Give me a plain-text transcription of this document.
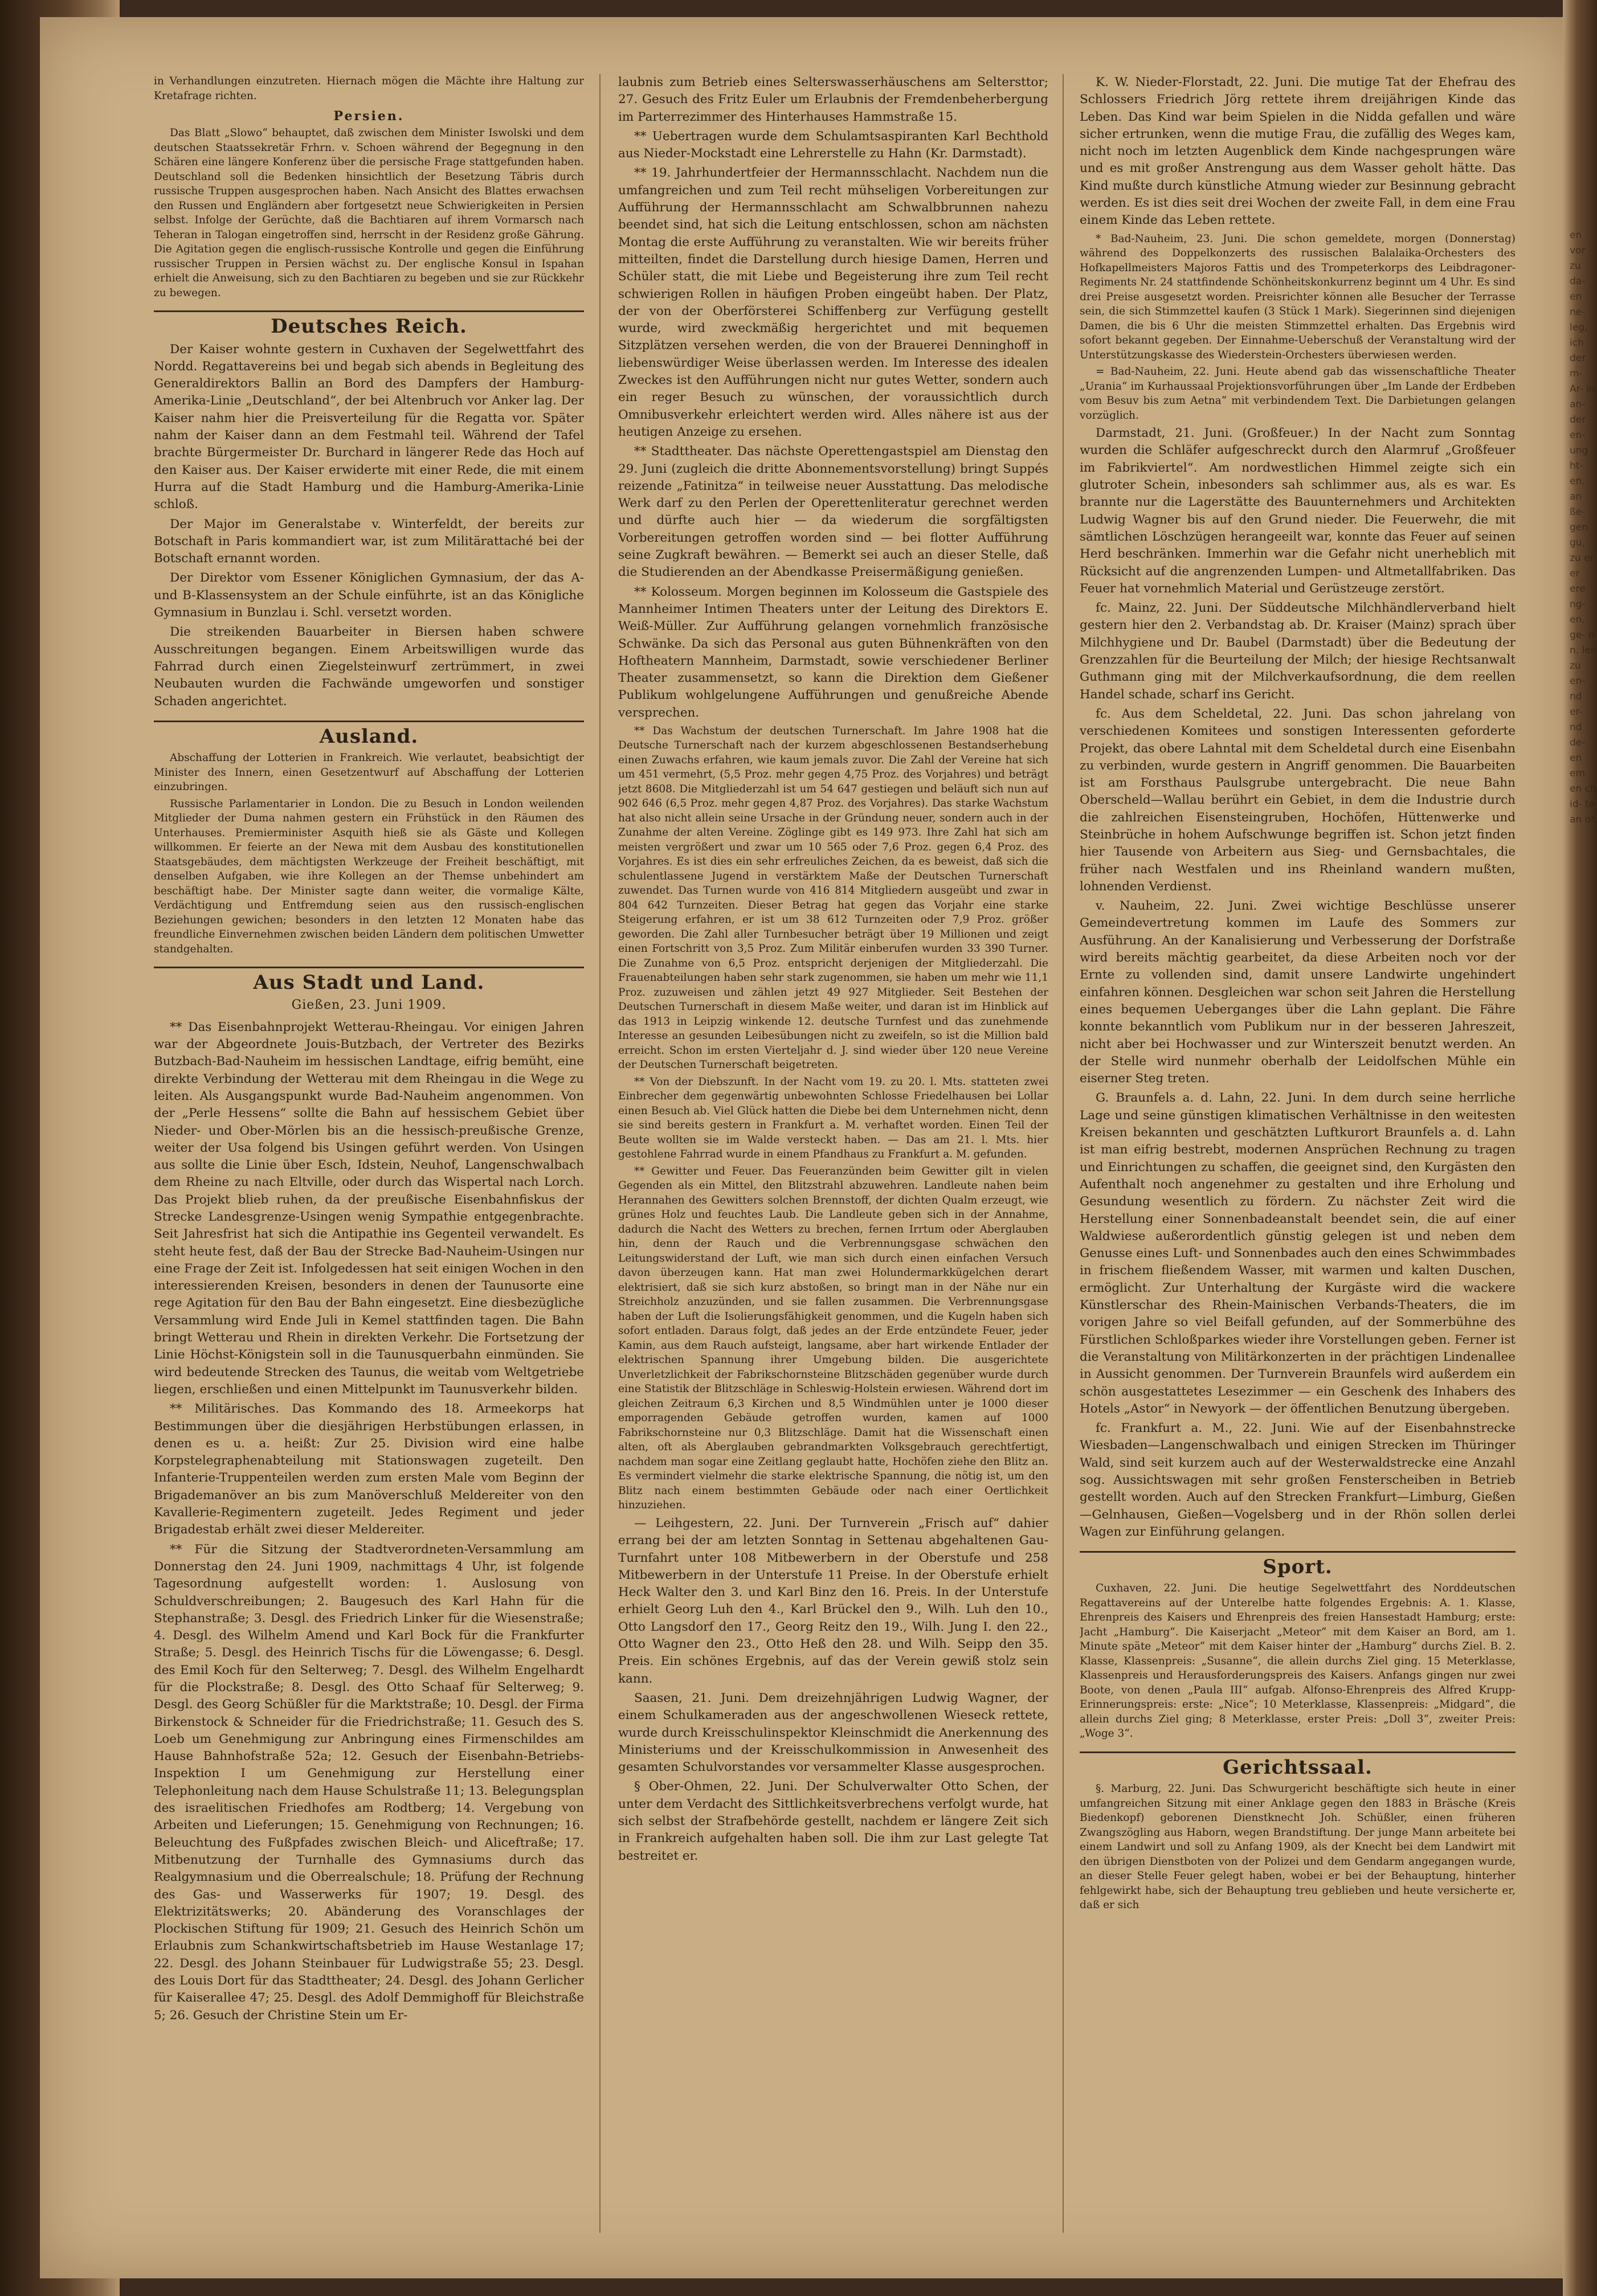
en vor zu da- en ne- leg, ich der m- Ar- in an- der en- ung ht- en. an ße- gen gu, zu er er ere ng- en, ge- n n. len zu en- nd er- nd de- en em en ch id- te an or.

in Verhandlungen einzutreten. Hiernach mögen die Mächte ihre Haltung zur Kretafrage richten.

Persien.

Das Blatt „Slowo“ behauptet, daß zwischen dem Minister Iswolski und dem deutschen Staatssekretär Frhrn. v. Schoen während der Begegnung in den Schären eine längere Konferenz über die persische Frage stattgefunden haben. Deutschland soll die Bedenken hinsichtlich der Besetzung Täbris durch russische Truppen ausgesprochen haben. Nach Ansicht des Blattes erwachsen den Russen und Engländern aber fortgesetzt neue Schwierigkeiten in Persien selbst. Infolge der Gerüchte, daß die Bachtiaren auf ihrem Vormarsch nach Teheran in Talogan eingetroffen sind, herrscht in der Residenz große Gährung. Die Agitation gegen die englisch-russische Kontrolle und gegen die Einführung russischer Truppen in Persien wächst zu. Der englische Konsul in Ispahan erhielt die Anweisung, sich zu den Bachtiaren zu begeben und sie zur Rückkehr zu bewegen.

Deutsches Reich.

Der Kaiser wohnte gestern in Cuxhaven der Segelwettfahrt des Nordd. Regattavereins bei und begab sich abends in Begleitung des Generaldirektors Ballin an Bord des Dampfers der Hamburg-Amerika-Linie „Deutschland“, der bei Altenbruch vor Anker lag. Der Kaiser nahm hier die Preisverteilung für die Regatta vor. Später nahm der Kaiser dann an dem Festmahl teil. Während der Tafel brachte Bürgermeister Dr. Burchard in längerer Rede das Hoch auf den Kaiser aus. Der Kaiser erwiderte mit einer Rede, die mit einem Hurra auf die Stadt Hamburg und die Hamburg-Amerika-Linie schloß.

Der Major im Generalstabe v. Winterfeldt, der bereits zur Botschaft in Paris kommandiert war, ist zum Militärattaché bei der Botschaft ernannt worden.

Der Direktor vom Essener Königlichen Gymnasium, der das A- und B-Klassensystem an der Schule einführte, ist an das Königliche Gymnasium in Bunzlau i. Schl. versetzt worden.

Die streikenden Bauarbeiter in Biersen haben schwere Ausschreitungen begangen. Einem Arbeitswilligen wurde das Fahrrad durch einen Ziegelsteinwurf zertrümmert, in zwei Neubauten wurden die Fachwände umgeworfen und sonstiger Schaden angerichtet.

Ausland.

Abschaffung der Lotterien in Frankreich. Wie verlautet, beabsichtigt der Minister des Innern, einen Gesetzentwurf auf Abschaffung der Lotterien einzubringen.

Russische Parlamentarier in London. Die zu Besuch in London weilenden Mitglieder der Duma nahmen gestern ein Frühstück in den Räumen des Unterhauses. Premierminister Asquith hieß sie als Gäste und Kollegen willkommen. Er feierte an der Newa mit dem Ausbau des konstitutionellen Staatsgebäudes, dem mächtigsten Werkzeuge der Freiheit beschäftigt, mit denselben Aufgaben, wie ihre Kollegen an der Themse unbehindert am beschäftigt habe. Der Minister sagte dann weiter, die vormalige Kälte, Verdächtigung und Entfremdung seien aus den russisch-englischen Beziehungen gewichen; besonders in den letzten 12 Monaten habe das freundliche Einvernehmen zwischen beiden Ländern dem politischen Umwetter standgehalten.

Aus Stadt und Land.
Gießen, 23. Juni 1909.

** Das Eisenbahnprojekt Wetterau-Rheingau. Vor einigen Jahren war der Abgeordnete Jouis-Butzbach, der Vertreter des Bezirks Butzbach-Bad-Nauheim im hessischen Landtage, eifrig bemüht, eine direkte Verbindung der Wetterau mit dem Rheingau in die Wege zu leiten. Als Ausgangspunkt wurde Bad-Nauheim angenommen. Von der „Perle Hessens“ sollte die Bahn auf hessischem Gebiet über Nieder- und Ober-Mörlen bis an die hessisch-preußische Grenze, weiter der Usa folgend bis Usingen geführt werden. Von Usingen aus sollte die Linie über Esch, Idstein, Neuhof, Langenschwalbach dem Rheine zu nach Eltville, oder durch das Wispertal nach Lorch. Das Projekt blieb ruhen, da der preußische Eisenbahnfiskus der Strecke Landesgrenze-Usingen wenig Sympathie entgegenbrachte. Seit Jahresfrist hat sich die Antipathie ins Gegenteil verwandelt. Es steht heute fest, daß der Bau der Strecke Bad-Nauheim-Usingen nur eine Frage der Zeit ist. Infolgedessen hat seit einigen Wochen in den interessierenden Kreisen, besonders in denen der Taunusorte eine rege Agitation für den Bau der Bahn eingesetzt. Eine diesbezügliche Versammlung wird Ende Juli in Kemel stattfinden tagen. Die Bahn bringt Wetterau und Rhein in direkten Verkehr. Die Fortsetzung der Linie Höchst-Königstein soll in die Taunusquerbahn einmünden. Sie wird bedeutende Strecken des Taunus, die weitab vom Weltgetriebe liegen, erschließen und einen Mittelpunkt im Taunusverkehr bilden.

** Militärisches. Das Kommando des 18. Armeekorps hat Bestimmungen über die diesjährigen Herbstübungen erlassen, in denen es u. a. heißt: Zur 25. Division wird eine halbe Korpstelegraphenabteilung mit Stationswagen zugeteilt. Den Infanterie-Truppenteilen werden zum ersten Male vom Beginn der Brigademanöver an bis zum Manöverschluß Meldereiter von den Kavallerie-Regimentern zugeteilt. Jedes Regiment und jeder Brigadestab erhält zwei dieser Meldereiter.

** Für die Sitzung der Stadtverordneten-Versammlung am Donnerstag den 24. Juni 1909, nachmittags 4 Uhr, ist folgende Tagesordnung aufgestellt worden: 1. Auslosung von Schuldverschreibungen; 2. Baugesuch des Karl Hahn für die Stephanstraße; 3. Desgl. des Friedrich Linker für die Wiesenstraße; 4. Desgl. des Wilhelm Amend und Karl Bock für die Frankfurter Straße; 5. Desgl. des Heinrich Tischs für die Löwengasse; 6. Desgl. des Emil Koch für den Selterweg; 7. Desgl. des Wilhelm Engelhardt für die Plockstraße; 8. Desgl. des Otto Schaaf für Selterweg; 9. Desgl. des Georg Schüßler für die Marktstraße; 10. Desgl. der Firma Birkenstock & Schneider für die Friedrichstraße; 11. Gesuch des S. Loeb um Genehmigung zur Anbringung eines Firmenschildes am Hause Bahnhofstraße 52a; 12. Gesuch der Eisenbahn-Betriebs-Inspektion I um Genehmigung zur Herstellung einer Telephonleitung nach dem Hause Schulstraße 11; 13. Belegungsplan des israelitischen Friedhofes am Rodtberg; 14. Vergebung von Arbeiten und Lieferungen; 15. Genehmigung von Rechnungen; 16. Beleuchtung des Fußpfades zwischen Bleich- und Aliceftraße; 17. Mitbenutzung der Turnhalle des Gymnasiums durch das Realgymnasium und die Oberrealschule; 18. Prüfung der Rechnung des Gas- und Wasserwerks für 1907; 19. Desgl. des Elektrizitätswerks; 20. Abänderung des Voranschlages der Plockischen Stiftung für 1909; 21. Gesuch des Heinrich Schön um Erlaubnis zum Schankwirtschaftsbetrieb im Hause Westanlage 17; 22. Desgl. des Johann Steinbauer für Ludwigstraße 55; 23. Desgl. des Louis Dort für das Stadttheater; 24. Desgl. des Johann Gerlicher für Kaiserallee 47; 25. Desgl. des Adolf Demmighoff für Bleichstraße 5; 26. Gesuch der Christine Stein um Er-

laubnis zum Betrieb eines Selterswasserhäuschens am Seltersttor; 27. Gesuch des Fritz Euler um Erlaubnis der Fremdenbeherbergung im Parterrezimmer des Hinterhauses Hammstraße 15.

** Uebertragen wurde dem Schulamtsaspiranten Karl Bechthold aus Nieder-Mockstadt eine Lehrerstelle zu Hahn (Kr. Darmstadt).

** 19. Jahrhundertfeier der Hermannsschlacht. Nachdem nun die umfangreichen und zum Teil recht mühseligen Vorbereitungen zur Aufführung der Hermannsschlacht am Schwalbbrunnen nahezu beendet sind, hat sich die Leitung entschlossen, schon am nächsten Montag die erste Aufführung zu veranstalten. Wie wir bereits früher mitteilten, findet die Darstellung durch hiesige Damen, Herren und Schüler statt, die mit Liebe und Begeisterung ihre zum Teil recht schwierigen Rollen in häufigen Proben eingeübt haben. Der Platz, der von der Oberförsterei Schiffenberg zur Verfügung gestellt wurde, wird zweckmäßig hergerichtet und mit bequemen Sitzplätzen versehen werden, die von der Brauerei Denninghoff in liebenswürdiger Weise überlassen werden. Im Interesse des idealen Zweckes ist den Aufführungen nicht nur gutes Wetter, sondern auch ein reger Besuch zu wünschen, der voraussichtlich durch Omnibusverkehr erleichtert werden wird. Alles nähere ist aus der heutigen Anzeige zu ersehen.

** Stadttheater. Das nächste Operettengastspiel am Dienstag den 29. Juni (zugleich die dritte Abonnementsvorstellung) bringt Suppés reizende „Fatinitza“ in teilweise neuer Ausstattung. Das melodische Werk darf zu den Perlen der Operettenliteratur gerechnet werden und dürfte auch hier — da wiederum die sorgfältigsten Vorbereitungen getroffen worden sind — bei flotter Aufführung seine Zugkraft bewähren. — Bemerkt sei auch an dieser Stelle, daß die Studierenden an der Abendkasse Preisermäßigung genießen.

** Kolosseum. Morgen beginnen im Kolosseum die Gastspiele des Mannheimer Intimen Theaters unter der Leitung des Direktors E. Weiß-Müller. Zur Aufführung gelangen vornehmlich französische Schwänke. Da sich das Personal aus guten Bühnenkräften von den Hoftheatern Mannheim, Darmstadt, sowie verschiedener Berliner Theater zusammensetzt, so kann die Direktion dem Gießener Publikum wohlgelungene Aufführungen und genußreiche Abende versprechen.

** Das Wachstum der deutschen Turnerschaft. Im Jahre 1908 hat die Deutsche Turnerschaft nach der kurzem abgeschlossenen Bestandserhebung einen Zuwachs erfahren, wie kaum jemals zuvor. Die Zahl der Vereine hat sich um 451 vermehrt, (5,5 Proz. mehr gegen 4,75 Proz. des Vorjahres) und beträgt jetzt 8608. Die Mitgliederzahl ist um 54 647 gestiegen und beläuft sich nun auf 902 646 (6,5 Proz. mehr gegen 4,87 Proz. des Vorjahres). Das starke Wachstum hat also nicht allein seine Ursache in der Gründung neuer, sondern auch in der Zunahme der alten Vereine. Zöglinge gibt es 149 973. Ihre Zahl hat sich am meisten vergrößert und zwar um 10 565 oder 7,6 Proz. gegen 6,4 Proz. des Vorjahres. Es ist dies ein sehr erfreuliches Zeichen, da es beweist, daß sich die schulentlassene Jugend in verstärktem Maße der Deutschen Turnerschaft zuwendet. Das Turnen wurde von 416 814 Mitgliedern ausgeübt und zwar in 804 642 Turnzeiten. Dieser Betrag hat gegen das Vorjahr eine starke Steigerung erfahren, er ist um 38 612 Turnzeiten oder 7,9 Proz. größer geworden. Die Zahl aller Turnbesucher beträgt über 19 Millionen und zeigt einen Fortschritt von 3,5 Proz. Zum Militär einberufen wurden 33 390 Turner. Die Zunahme von 6,5 Proz. entspricht derjenigen der Mitgliederzahl. Die Frauenabteilungen haben sehr stark zugenommen, sie haben um mehr wie 11,1 Proz. zuzuweisen und zählen jetzt 49 927 Mitglieder. Seit Bestehen der Deutschen Turnerschaft in diesem Maße weiter, und daran ist im Hinblick auf das 1913 in Leipzig winkende 12. deutsche Turnfest und das zunehmende Interesse an gesunden Leibesübungen nicht zu zweifeln, so ist die Million bald erreicht. Schon im ersten Vierteljahr d. J. sind wieder über 120 neue Vereine der Deutschen Turnerschaft beigetreten.

** Von der Diebszunft. In der Nacht vom 19. zu 20. l. Mts. statteten zwei Einbrecher dem gegenwärtig unbewohnten Schlosse Friedelhausen bei Lollar einen Besuch ab. Viel Glück hatten die Diebe bei dem Unternehmen nicht, denn sie sind bereits gestern in Frankfurt a. M. verhaftet worden. Einen Teil der Beute wollten sie im Walde versteckt haben. — Das am 21. l. Mts. hier gestohlene Fahrrad wurde in einem Pfandhaus zu Frankfurt a. M. gefunden.

** Gewitter und Feuer. Das Feueranzünden beim Gewitter gilt in vielen Gegenden als ein Mittel, den Blitzstrahl abzuwehren. Landleute nahen beim Herannahen des Gewitters solchen Brennstoff, der dichten Qualm erzeugt, wie grünes Holz und feuchtes Laub. Die Landleute geben sich in der Annahme, dadurch die Nacht des Wetters zu brechen, fernen Irrtum oder Aberglauben hin, denn der Rauch und die Verbrennungsgase schwächen den Leitungswiderstand der Luft, wie man sich durch einen einfachen Versuch davon überzeugen kann. Hat man zwei Holundermarkkügelchen derart elektrisiert, daß sie sich kurz abstoßen, so bringt man in der Nähe nur ein Streichholz anzuzünden, und sie fallen zusammen. Die Verbrennungsgase haben der Luft die Isolierungsfähigkeit genommen, und die Kugeln haben sich sofort entladen. Daraus folgt, daß jedes an der Erde entzündete Feuer, jeder Kamin, aus dem Rauch aufsteigt, langsame, aber hart wirkende Entlader der elektrischen Spannung ihrer Umgebung bilden. Die ausgerichtete Unverletzlichkeit der Fabrikschornsteine Blitzschäden gegenüber wurde durch eine Statistik der Blitzschläge in Schleswig-Holstein erwiesen. Während dort im gleichen Zeitraum 6,3 Kirchen und 8,5 Windmühlen unter je 1000 dieser emporragenden Gebäude getroffen wurden, kamen auf 1000 Fabrikschornsteine nur 0,3 Blitzschläge. Damit hat die Wissenschaft einen alten, oft als Aberglauben gebrandmarkten Volksgebrauch gerechtfertigt, nachdem man sogar eine Zeitlang geglaubt hatte, Hochöfen ziehe den Blitz an. Es vermindert vielmehr die starke elektrische Spannung, die nötig ist, um den Blitz nach einem bestimmten Gebäude oder nach einer Oertlichkeit hinzuziehen.

— Leihgestern, 22. Juni. Der Turnverein „Frisch auf“ dahier errang bei der am letzten Sonntag in Settenau abgehaltenen Gau-Turnfahrt unter 108 Mitbewerbern in der Oberstufe und 258 Mitbewerbern in der Unterstufe 11 Preise. In der Oberstufe erhielt Heck Walter den 3. und Karl Binz den 16. Preis. In der Unterstufe erhielt Georg Luh den 4., Karl Brückel den 9., Wilh. Luh den 10., Otto Langsdorf den 17., Georg Reitz den 19., Wilh. Jung I. den 22., Otto Wagner den 23., Otto Heß den 28. und Wilh. Seipp den 35. Preis. Ein schönes Ergebnis, auf das der Verein gewiß stolz sein kann.

Saasen, 21. Juni. Dem dreizehnjährigen Ludwig Wagner, der einem Schulkameraden aus der angeschwollenen Wieseck rettete, wurde durch Kreisschulinspektor Kleinschmidt die Anerkennung des Ministeriums und der Kreisschulkommission in Anwesenheit des gesamten Schulvorstandes vor versammelter Klasse ausgesprochen.

§ Ober-Ohmen, 22. Juni. Der Schulverwalter Otto Schen, der unter dem Verdacht des Sittlichkeitsverbrechens verfolgt wurde, hat sich selbst der Strafbehörde gestellt, nachdem er längere Zeit sich in Frankreich aufgehalten haben soll. Die ihm zur Last gelegte Tat bestreitet er.

K. W. Nieder-Florstadt, 22. Juni. Die mutige Tat der Ehefrau des Schlossers Friedrich Jörg rettete ihrem dreijährigen Kinde das Leben. Das Kind war beim Spielen in die Nidda gefallen und wäre sicher ertrunken, wenn die mutige Frau, die zufällig des Weges kam, nicht noch im letzten Augenblick dem Kinde nachgesprungen wäre und es mit großer Anstrengung aus dem Wasser geholt hätte. Das Kind mußte durch künstliche Atmung wieder zur Besinnung gebracht werden. Es ist dies seit drei Wochen der zweite Fall, in dem eine Frau einem Kinde das Leben rettete.

* Bad-Nauheim, 23. Juni. Die schon gemeldete, morgen (Donnerstag) während des Doppelkonzerts des russischen Balalaika-Orchesters des Hofkapellmeisters Majoros Fattis und des Trompeterkorps des Leibdragoner-Regiments Nr. 24 stattfindende Schönheitskonkurrenz beginnt um 4 Uhr. Es sind drei Preise ausgesetzt worden. Preisrichter können alle Besucher der Terrasse sein, die sich Stimmzettel kaufen (3 Stück 1 Mark). Siegerinnen sind diejenigen Damen, die bis 6 Uhr die meisten Stimmzettel erhalten. Das Ergebnis wird sofort bekannt gegeben. Der Einnahme-Ueberschuß der Veranstaltung wird der Unterstützungskasse des Wiederstein-Orchesters überwiesen werden.

= Bad-Nauheim, 22. Juni. Heute abend gab das wissenschaftliche Theater „Urania“ im Kurhaussaal Projektionsvorführungen über „Im Lande der Erdbeben vom Besuv bis zum Aetna“ mit verbindendem Text. Die Darbietungen gelangen vorzüglich.

Darmstadt, 21. Juni. (Großfeuer.) In der Nacht zum Sonntag wurden die Schläfer aufgeschreckt durch den Alarmruf „Großfeuer im Fabrikviertel“. Am nordwestlichen Himmel zeigte sich ein glutroter Schein, inbesonders sah schlimmer aus, als es war. Es brannte nur die Lagerstätte des Bauunternehmers und Architekten Ludwig Wagner bis auf den Grund nieder. Die Feuerwehr, die mit sämtlichen Löschzügen herangeeilt war, konnte das Feuer auf seinen Herd beschränken. Immerhin war die Gefahr nicht unerheblich mit Rücksicht auf die angrenzenden Lumpen- und Altmetallfabriken. Das Feuer hat vornehmlich Material und Gerüstzeuge zerstört.

fc. Mainz, 22. Juni. Der Süddeutsche Milchhändlerverband hielt gestern hier den 2. Verbandstag ab. Dr. Kraiser (Mainz) sprach über Milchhygiene und Dr. Baubel (Darmstadt) über die Bedeutung der Grenzzahlen für die Beurteilung der Milch; der hiesige Rechtsanwalt Guthmann ging mit der Milchverkaufsordnung, die dem reellen Handel schade, scharf ins Gericht.

fc. Aus dem Scheldetal, 22. Juni. Das schon jahrelang von verschiedenen Komitees und sonstigen Interessenten geforderte Projekt, das obere Lahntal mit dem Scheldetal durch eine Eisenbahn zu verbinden, wurde gestern in Angriff genommen. Die Bauarbeiten ist am Forsthaus Paulsgrube untergebracht. Die neue Bahn Oberscheld—Wallau berührt ein Gebiet, in dem die Industrie durch die zahlreichen Eisensteingruben, Hochöfen, Hüttenwerke und Steinbrüche in hohem Aufschwunge begriffen ist. Schon jetzt finden hier Tausende von Arbeitern aus Sieg- und Gernsbachtales, die früher nach Westfalen und ins Rheinland wandern mußten, lohnenden Verdienst.

v. Nauheim, 22. Juni. Zwei wichtige Beschlüsse unserer Gemeindevertretung kommen im Laufe des Sommers zur Ausführung. An der Kanalisierung und Verbesserung der Dorfstraße wird bereits mächtig gearbeitet, da diese Arbeiten noch vor der Ernte zu vollenden sind, damit unsere Landwirte ungehindert einfahren können. Desgleichen war schon seit Jahren die Herstellung eines bequemen Ueberganges über die Lahn geplant. Die Fähre konnte bekanntlich vom Publikum nur in der besseren Jahreszeit, nicht aber bei Hochwasser und zur Winterszeit benutzt werden. An der Stelle wird nunmehr oberhalb der Leidolfschen Mühle ein eiserner Steg treten.

G. Braunfels a. d. Lahn, 22. Juni. In dem durch seine herrliche Lage und seine günstigen klimatischen Verhältnisse in den weitesten Kreisen bekannten und geschätzten Luftkurort Braunfels a. d. Lahn ist man eifrig bestrebt, modernen Ansprüchen Rechnung zu tragen und Einrichtungen zu schaffen, die geeignet sind, den Kurgästen den Aufenthalt noch angenehmer zu gestalten und ihre Erholung und Gesundung wesentlich zu fördern. Zu nächster Zeit wird die Herstellung einer Sonnenbadeanstalt beendet sein, die auf einer Waldwiese außerordentlich günstig gelegen ist und neben dem Genusse eines Luft- und Sonnenbades auch den eines Schwimmbades in frischem fließendem Wasser, mit warmen und kalten Duschen, ermöglicht. Zur Unterhaltung der Kurgäste wird die wackere Künstlerschar des Rhein-Mainischen Verbands-Theaters, die im vorigen Jahre so viel Beifall gefunden, auf der Sommerbühne des Fürstlichen Schloßparkes wieder ihre Vorstellungen geben. Ferner ist die Veranstaltung von Militärkonzerten in der prächtigen Lindenallee in Aussicht genommen. Der Turnverein Braunfels wird außerdem ein schön ausgestattetes Lesezimmer — ein Geschenk des Inhabers des Hotels „Astor“ in Newyork — der öffentlichen Benutzung übergeben.

fc. Frankfurt a. M., 22. Juni. Wie auf der Eisenbahnstrecke Wiesbaden—Langenschwalbach und einigen Strecken im Thüringer Wald, sind seit kurzem auch auf der Westerwaldstrecke eine Anzahl sog. Aussichtswagen mit sehr großen Fensterscheiben in Betrieb gestellt worden. Auch auf den Strecken Frankfurt—Limburg, Gießen—Gelnhausen, Gießen—Vogelsberg und in der Rhön sollen derlei Wagen zur Einführung gelangen.

Sport.

Cuxhaven, 22. Juni. Die heutige Segelwettfahrt des Norddeutschen Regattavereins auf der Unterelbe hatte folgendes Ergebnis: A. 1. Klasse, Ehrenpreis des Kaisers und Ehrenpreis des freien Hansestadt Hamburg; erste: Jacht „Hamburg“. Die Kaiserjacht „Meteor“ mit dem Kaiser an Bord, am 1. Minute späte „Meteor“ mit dem Kaiser hinter der „Hamburg“ durchs Ziel. B. 2. Klasse, Klassenpreis: „Susanne“, die allein durchs Ziel ging. 15 Meterklasse, Klassenpreis und Herausforderungspreis des Kaisers. Anfangs gingen nur zwei Boote, von denen „Paula III“ aufgab. Alfonso-Ehrenpreis des Alfred Krupp-Erinnerungspreis: erste: „Nice“; 10 Meterklasse, Klassenpreis: „Midgard“, die allein durchs Ziel ging; 8 Meterklasse, erster Preis: „Doll 3“, zweiter Preis: „Woge 3“.

Gerichtssaal.

§. Marburg, 22. Juni. Das Schwurgericht beschäftigte sich heute in einer umfangreichen Sitzung mit einer Anklage gegen den 1883 in Bräsche (Kreis Biedenkopf) geborenen Dienstknecht Joh. Schüßler, einen früheren Zwangszögling aus Haborn, wegen Brandstiftung. Der junge Mann arbeitete bei einem Landwirt und soll zu Anfang 1909, als der Knecht bei dem Landwirt mit den übrigen Dienstboten von der Polizei und dem Gendarm angegangen wurde, an dieser Stelle Feuer gelegt haben, wobei er bei der Behauptung, hinterher fehlgewirkt habe, sich der Behauptung treu geblieben und heute versicherte er, daß er sich
